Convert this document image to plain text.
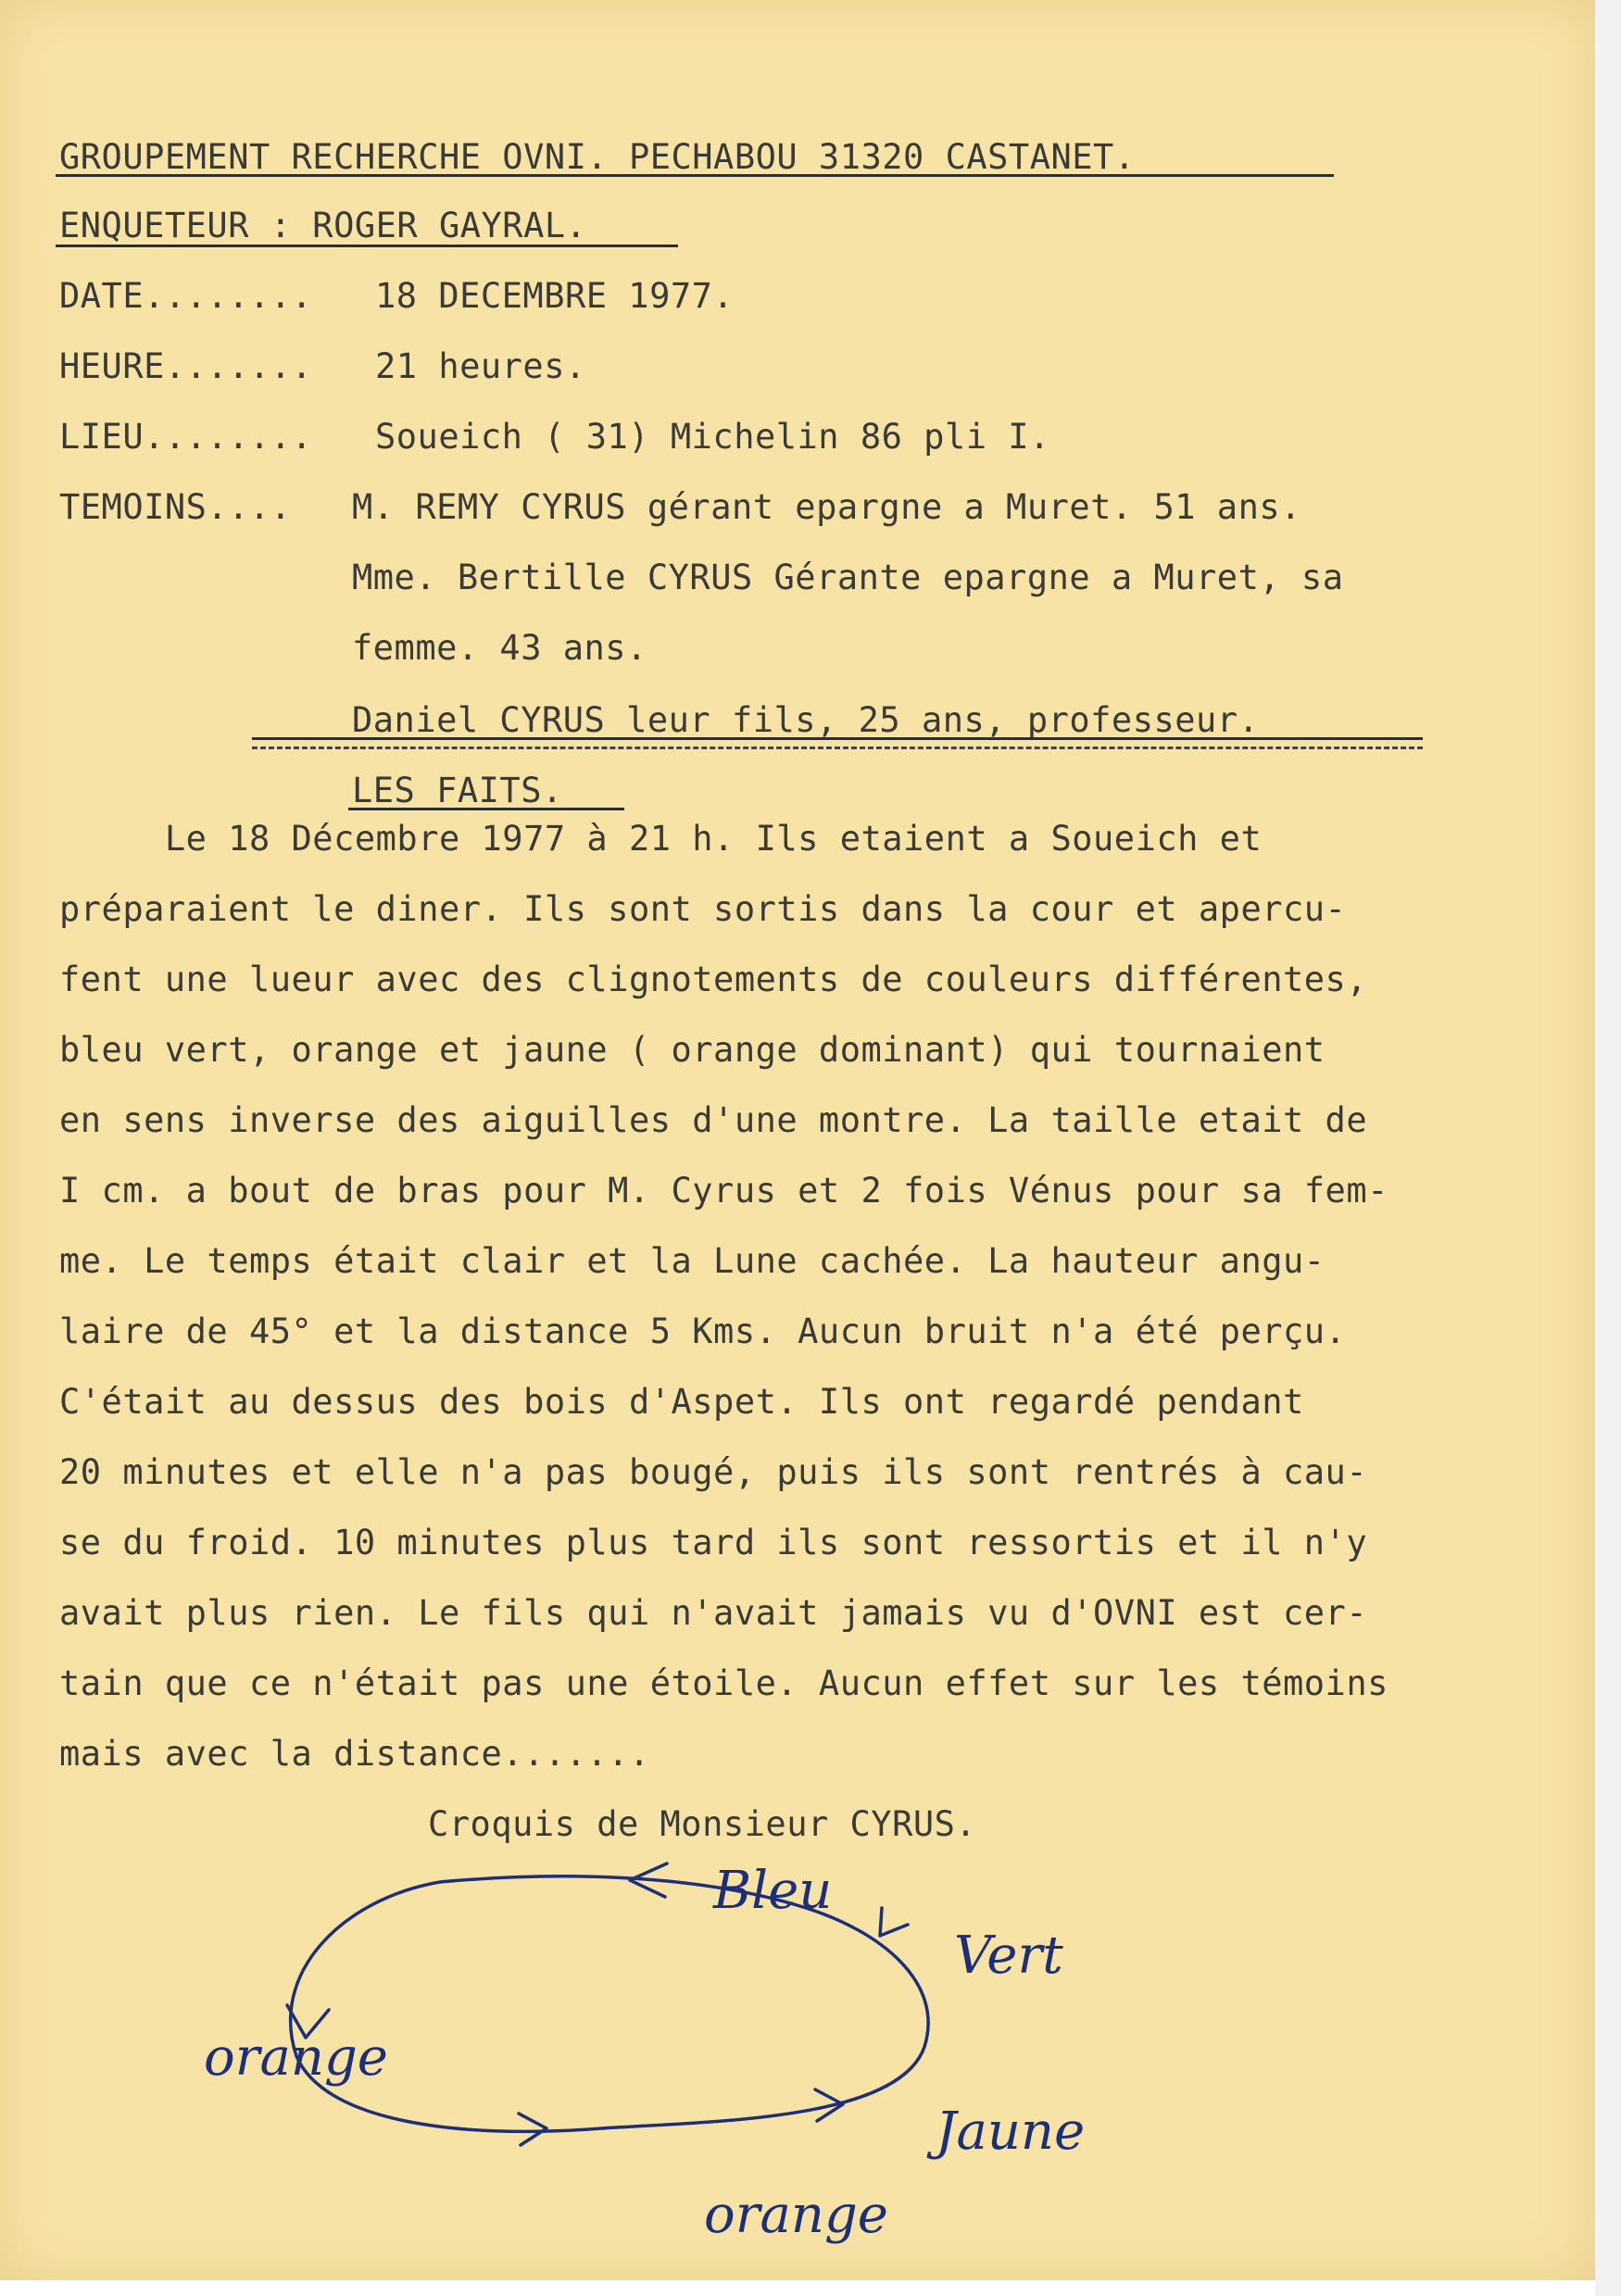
GROUPEMENT RECHERCHE OVNI. PECHABOU 31320 CASTANET.
ENQUETEUR : ROGER GAYRAL.
DATE........ 18 DECEMBRE 1977.
HEURE....... 21 heures.
LIEU........ Soueich ( 31) Michelin 86 pli I.
TEMOINS.... M. REMY CYRUS gérant epargne a Muret. 51 ans.
Mme. Bertille CYRUS Gérante epargne a Muret, sa
femme. 43 ans.
Daniel CYRUS leur fils, 25 ans, professeur.
LES FAITS.
Le 18 Décembre 1977 à 21 h. Ils etaient a Soueich et
préparaient le diner. Ils sont sortis dans la cour et apercu-
fent une lueur avec des clignotements de couleurs différentes,
bleu vert, orange et jaune ( orange dominant) qui tournaient
en sens inverse des aiguilles d'une montre. La taille etait de
I cm. a bout de bras pour M. Cyrus et 2 fois Vénus pour sa fem-
me. Le temps était clair et la Lune cachée. La hauteur angu-
laire de 45° et la distance 5 Kms. Aucun bruit n'a été perçu.
C'était au dessus des bois d'Aspet. Ils ont regardé pendant
20 minutes et elle n'a pas bougé, puis ils sont rentrés à cau-
se du froid. 10 minutes plus tard ils sont ressortis et il n'y
avait plus rien. Le fils qui n'avait jamais vu d'OVNI est cer-
tain que ce n'était pas une étoile. Aucun effet sur les témoins
mais avec la distance.......
Croquis de Monsieur CYRUS.
Bleu
Vert
orange
Jaune
orange
